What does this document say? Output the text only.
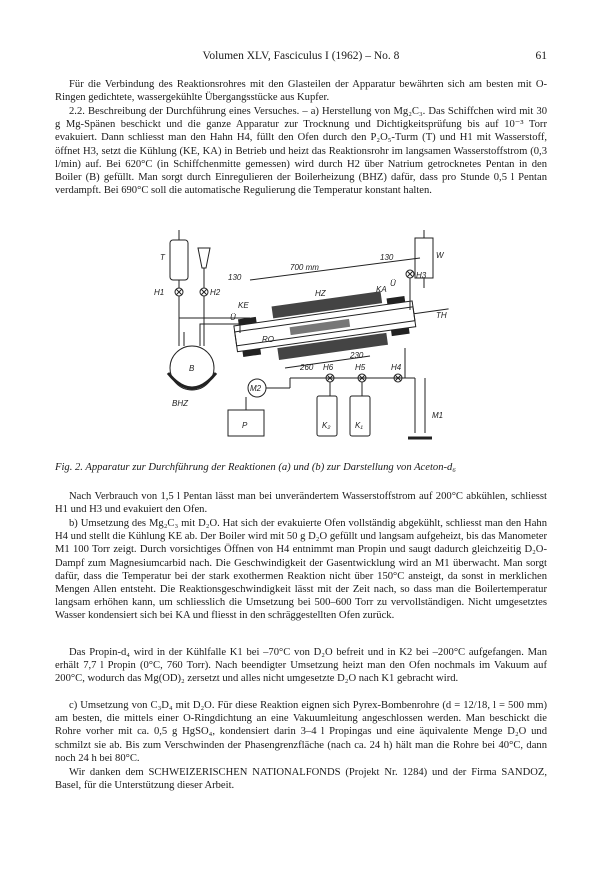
Volumen XLV, Fasciculus I (1962) – No. 8	61

Für die Verbindung des Reaktionsrohres mit den Glasteilen der Apparatur bewährten sich am besten mit O-Ringen gedichtete, wassergekühlte Übergangsstücke aus Kupfer.

2.2. Beschreibung der Durchführung eines Versuches. – a) Herstellung von Mg₂C₃. Das Schiffchen wird mit 30 g Mg-Spänen beschickt und die ganze Apparatur zur Trocknung und Dichtigkeitsprüfung bis auf 10⁻³ Torr evakuiert. Dann schliesst man den Hahn H4, füllt den Ofen durch den P₂O₅-Turm (T) und H1 mit Wasserstoff, öffnet H3, setzt die Kühlung (KE, KA) in Betrieb und heizt das Reaktionsrohr im langsamen Wasserstoffstrom (0,3 l/min) auf. Bei 620°C (in Schiffchenmitte gemessen) wird durch H2 über Natrium getrocknetes Pentan in den Boiler (B) gefüllt. Man sorgt durch Einregulieren der Boilerheizung (BHZ) dafür, dass pro Stunde 0,5 l Pentan verdampft. Bei 690°C soll die automatische Regulierung die Temperatur konstant halten.

T
H1	H2
B
BHZ
130
700 mm
130
KE
Ü
HZ
RO
KA
Ü
H3
W
TH
260
230
M2
P
H6	H5	H4
K₂	K₁
M1
Fig. 2. Apparatur zur Durchführung der Reaktionen (a) und (b) zur Darstellung von Aceton-d₆

Nach Verbrauch von 1,5 l Pentan lässt man bei unverändertem Wasserstoffstrom auf 200°C abkühlen, schliesst H1 und H3 und evakuiert den Ofen.

b) Umsetzung des Mg₂C₃ mit D₂O. Hat sich der evakuierte Ofen vollständig abgekühlt, schliesst man den Hahn H4 und stellt die Kühlung KE ab. Der Boiler wird mit 50 g D₂O gefüllt und langsam aufgeheizt, bis das Manometer M1 100 Torr zeigt. Durch vorsichtiges Öffnen von H4 entnimmt man Propin und saugt dadurch gleichzeitig D₂O-Dampf zum Magnesiumcarbid nach. Die Geschwindigkeit der Gasentwicklung wird an M1 überwacht. Man sorgt dafür, dass die Temperatur bei der stark exothermen Reaktion nicht über 150°C ansteigt, da sonst in merklichen Mengen Allen entsteht. Die Reaktionsgeschwindigkeit lässt mit der Zeit nach, so dass man die Boilertemperatur langsam erhöhen kann, um schliesslich die Umsetzung bei 500–600 Torr zu vervollständigen. Nicht umgesetztes Wasser kondensiert sich bei KA und fliesst in den schräggestellten Ofen zurück.

Das Propin-d₄ wird in der Kühlfalle K1 bei –70°C von D₂O befreit und in K2 bei –200°C aufgefangen. Man erhält 7,7 l Propin (0°C, 760 Torr). Nach beendigter Umsetzung heizt man den Ofen nochmals im Vakuum auf 200°C, wodurch das Mg(OD)₂ zersetzt und alles nicht umgesetzte D₂O nach K1 gebracht wird.

c) Umsetzung von C₃D₄ mit D₂O. Für diese Reaktion eignen sich Pyrex-Bombenrohre (d = 12/18, l = 500 mm) am besten, die mittels einer O-Ringdichtung an eine Vakuumleitung angeschlossen werden. Man beschickt die Rohre vorher mit ca. 0,5 g HgSO₄, kondensiert darin 3–4 l Propingas und eine äquivalente Menge D₂O und schmilzt sie ab. Bis zum Verschwinden der Phasengrenzfläche (nach ca. 24 h) hält man die Rohre bei 40°C, dann noch 24 h bei 80°C.

Wir danken dem SCHWEIZERISCHEN NATIONALFONDS (Projekt Nr. 1284) und der Firma SANDOZ, Basel, für die Unterstützung dieser Arbeit.
